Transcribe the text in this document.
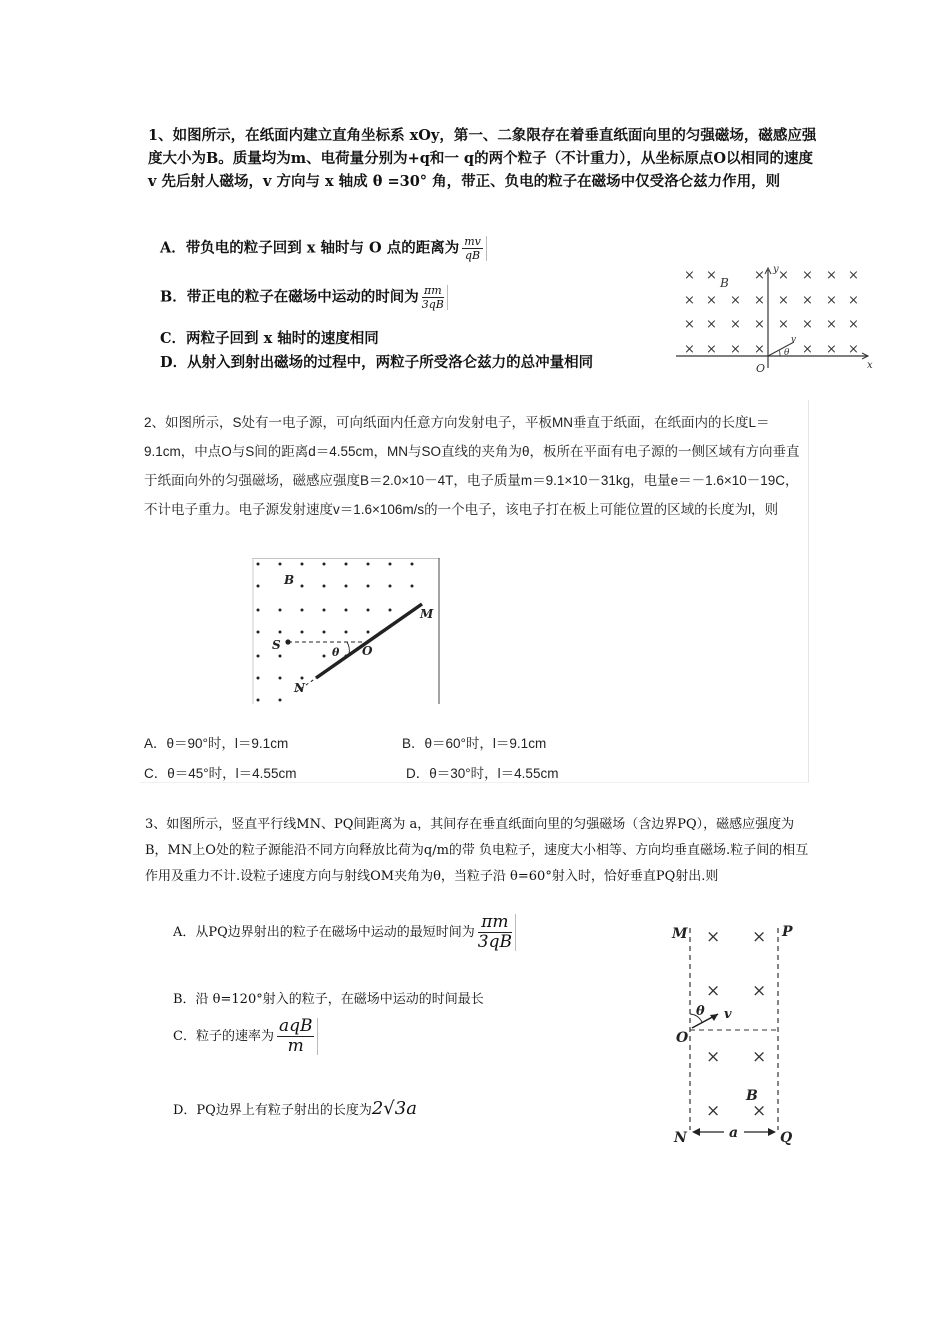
1、如图所示，在纸面内建立直角坐标系 xOy，第一、二象限存在着垂直纸面向里的匀强磁场，磁感应强度大小为B。质量均为m、电荷量分别为+q和一 q的两个粒子（不计重力），从坐标原点O以相同的速度 v 先后射人磁场，v 方向与 x 轴成 θ =30° 角，带正、负电的粒子在磁场中仅受洛仑兹力作用，则
A．带负电的粒子回到 x 轴时与 O 点的距离为 $\frac{mv}{qB}$
B．带正电的粒子在磁场中运动的时间为 $\frac{\pi m}{3qB}$
C．两粒子回到 x 轴时的速度相同
D．从射入到射出磁场的过程中，两粒子所受洛仑兹力的总冲量相同
× ×	× × × × ×
× × × × × × × ×
× × × × × × × ×
× × × ×	× × ×
B
y
x
O
θ
v
2、如图所示，S处有一电子源，可向纸面内任意方向发射电子，平板MN垂直于纸面，在纸面内的长度L＝9.1cm，中点O与S间的距离d＝4.55cm，MN与SO直线的夹角为θ，板所在平面有电子源的一侧区域有方向垂直于纸面向外的匀强磁场，磁感应强度B＝2.0×10－4T，电子质量m＝9.1×10－31kg，电量e＝－1.6×10－19C，不计电子重力。电子源发射速度v＝1.6×106m/s的一个电子，该电子打在板上可能位置的区域的长度为l，则
B
S
θ O
M
N
A．θ＝90°时，l＝9.1cm	B．θ＝60°时，l＝9.1cm
C．θ＝45°时，l＝4.55cm	D．θ＝30°时，l＝4.55cm
3、如图所示，竖直平行线MN、PQ间距离为 a，其间存在垂直纸面向里的匀强磁场（含边界PQ），磁感应强度为B，MN上O处的粒子源能沿不同方向释放比荷为q/m的带 负电粒子，速度大小相等、方向均垂直磁场.粒子间的相互作用及重力不计.设粒子速度方向与射线OM夹角为θ，当粒子沿 θ=60°射入时，恰好垂直PQ射出.则
A．从PQ边界射出的粒子在磁场中运动的最短时间为 $\frac{\pi m}{3qB}$
B．沿 θ=120°射入的粒子，在磁场中运动的时间最长
C．粒子的速率为 $\frac{\text{aqB}}{m}$
D．PQ边界上有粒子射出的长度为2√3a
M	P
N	Q
O
× ×
× ×
× ×
× ×
B
θ v
a
